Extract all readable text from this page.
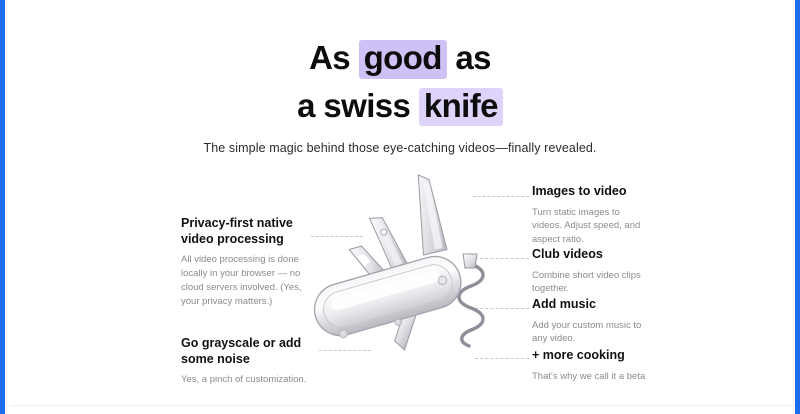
As good as
a swiss knife
The simple magic behind those eye-catching videos—finally revealed.

Privacy-first native video processing

All video processing is done locally in your browser — no cloud servers involved. (Yes, your privacy matters.)

Go grayscale or add some noise

Yes, a pinch of customization.

Images to video

Turn static images to videos. Adjust speed, and aspect ratio.

Club videos

Combine short video clips together.

Add music

Add your custom music to any video.

+ more cooking

That's why we call it a beta
